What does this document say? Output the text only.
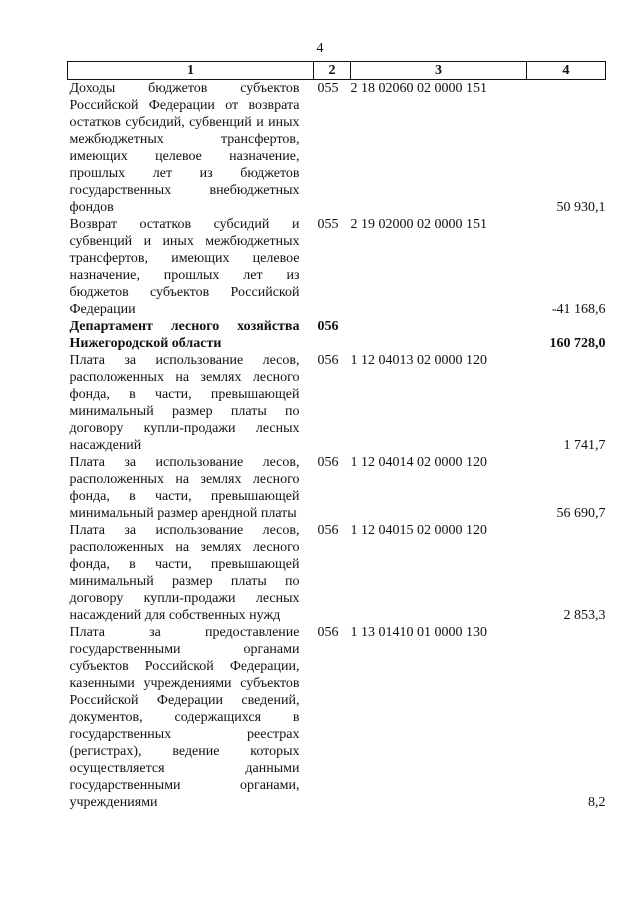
4
1	2	3	4
Доходы бюджетов субъектов Российской Федерации от возврата остатков субсидий, субвенций и иных межбюджетных трансфертов, имеющих целевое назначение, прошлых лет из бюджетов государственных внебюджетных фондов	055	2 18 02060 02 0000 151	50 930,1
Возврат остатков субсидий и субвенций и иных межбюджетных трансфертов, имеющих целевое назначение, прошлых лет из бюджетов субъектов Российской Федерации	055	2 19 02000 02 0000 151	-41 168,6
Департамент лесного хозяйства Нижегородской области	056		160 728,0
Плата за использование лесов, расположенных на землях лесного фонда, в части, превышающей минимальный размер платы по договору купли-продажи лесных насаждений	056	1 12 04013 02 0000 120	1 741,7
Плата за использование лесов, расположенных на землях лесного фонда, в части, превышающей минимальный размер арендной платы	056	1 12 04014 02 0000 120	56 690,7
Плата за использование лесов, расположенных на землях лесного фонда, в части, превышающей минимальный размер платы по договору купли-продажи лесных насаждений для собственных нужд	056	1 12 04015 02 0000 120	2 853,3
Плата за предоставление государственными органами субъектов Российской Федерации, казенными учреждениями субъектов Российской Федерации сведений, документов, содержащихся в государственных реестрах (регистрах), ведение которых осуществляется данными государственными органами, учреждениями	056	1 13 01410 01 0000 130	8,2
